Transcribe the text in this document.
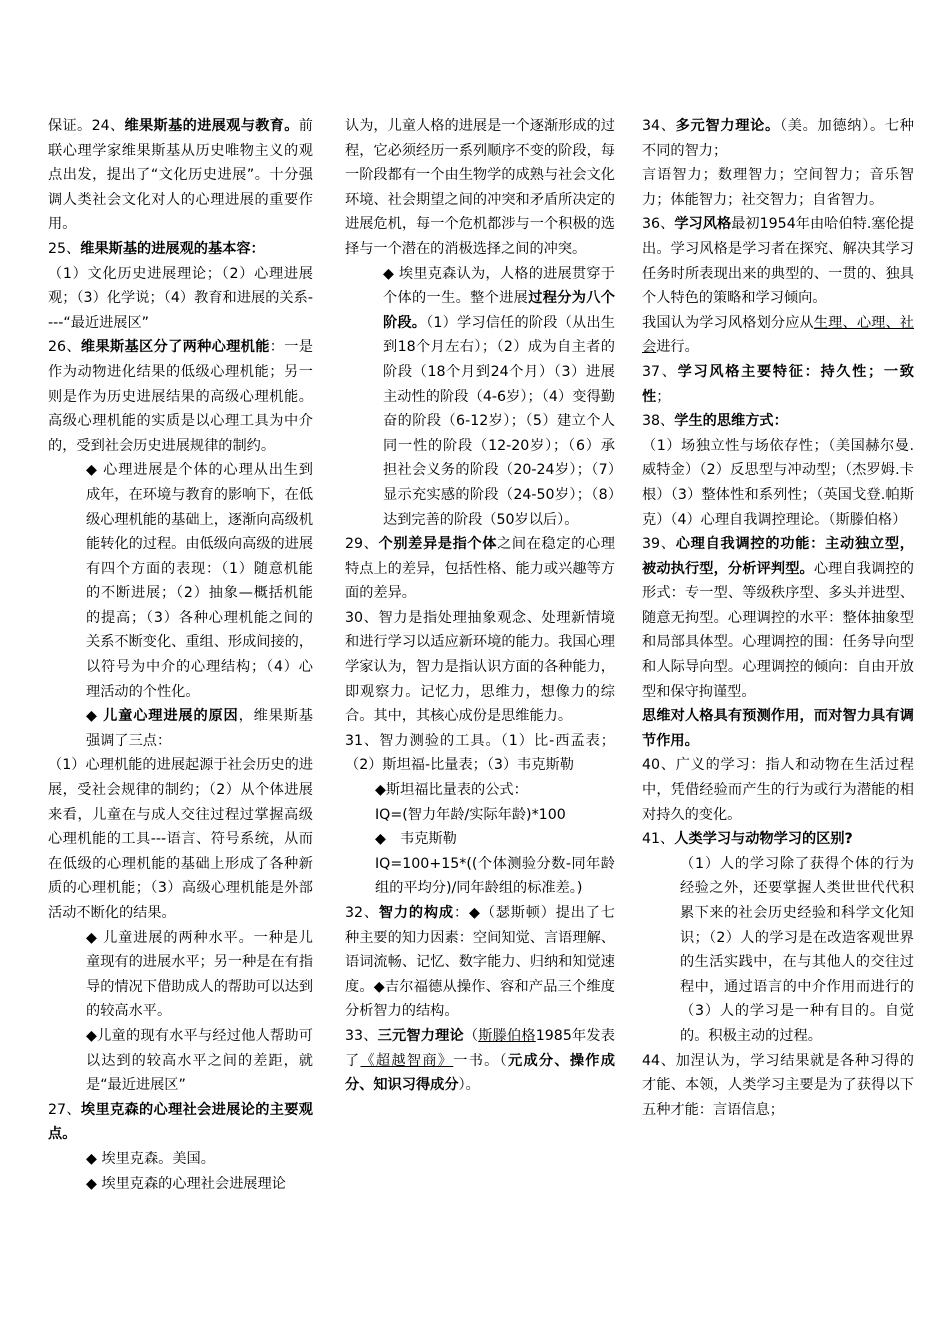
保证。24、维果斯基的进展观与教育。前联心理学家维果斯基从历史唯物主义的观点出发，提出了“文化历史进展”。十分强调人类社会文化对人的心理进展的重要作用。

25、维果斯基的进展观的基本容：

（1）文化历史进展理论；（2）心理进展观；（3）化学说；（4）教育和进展的关系----“最近进展区”

26、维果斯基区分了两种心理机能：一是作为动物进化结果的低级心理机能；另一则是作为历史进展结果的高级心理机能。高级心理机能的实质是以心理工具为中介的，受到社会历史进展规律的制约。

◆ 心理进展是个体的心理从出生到成年，在环境与教育的影响下，在低级心理机能的基础上，逐渐向高级机能转化的过程。由低级向高级的进展有四个方面的表现：（1）随意机能的不断进展；（2）抽象—概括机能的提高；（3）各种心理机能之间的关系不断变化、重组、形成间接的，以符号为中介的心理结构；（4）心理活动的个性化。

◆ 儿童心理进展的原因，维果斯基强调了三点：

（1）心理机能的进展起源于社会历史的进展，受社会规律的制约；（2）从个体进展来看，儿童在与成人交往过程过掌握高级心理机能的工具---语言、符号系统，从而在低级的心理机能的基础上形成了各种新质的心理机能；（3）高级心理机能是外部活动不断化的结果。

◆ 儿童进展的两种水平。一种是儿童现有的进展水平；另一种是在有指导的情况下借助成人的帮助可以达到的较高水平。

◆儿童的现有水平与经过他人帮助可以达到的较高水平之间的差距，就是“最近进展区”

27、埃里克森的心理社会进展论的主要观点。

◆ 埃里克森。美国。

◆ 埃里克森的心理社会进展理论

认为，儿童人格的进展是一个逐渐形成的过程，它必须经历一系列顺序不变的阶段，每一阶段都有一个由生物学的成熟与社会文化环境、社会期望之间的冲突和矛盾所决定的进展危机，每一个危机都涉与一个积极的选择与一个潜在的消极选择之间的冲突。

◆ 埃里克森认为，人格的进展贯穿于个体的一生。整个进展过程分为八个阶段。（1）学习信任的阶段（从出生到18个月左右）；（2）成为自主者的阶段（18个月到24个月）（3）进展主动性的阶段（4-6岁）；（4）变得勤奋的阶段（6-12岁）；（5）建立个人同一性的阶段（12-20岁）；（6）承担社会义务的阶段（20-24岁）；（7）显示充实感的阶段（24-50岁）；（8）达到完善的阶段（50岁以后）。

29、个别差异是指个体之间在稳定的心理特点上的差异，包括性格、能力或兴趣等方面的差异。

30、智力是指处理抽象观念、处理新情境和进行学习以适应新环境的能力。我国心理学家认为，智力是指认识方面的各种能力，即观察力。记忆力，思维力，想像力的综合。其中，其核心成份是思维能力。

31、智力测验的工具。（1）比-西孟表；（2）斯坦福-比量表；（3）韦克斯勒

◆斯坦福比量表的公式：

IQ=(智力年龄/实际年龄)*100

◆　韦克斯勒

IQ=100+15*((个体测验分数-同年龄组的平均分)/同年龄组的标准差。)

32、智力的构成：◆（瑟斯顿）提出了七种主要的知力因素：空间知觉、言语理解、语词流畅、记忆、数字能力、归纳和知觉速度。◆吉尔福德从操作、容和产品三个维度分析智力的结构。

33、三元智力理论（斯滕伯格1985年发表了《超越智商》一书。（元成分、操作成分、知识习得成分）。

34、多元智力理论。（美。加德纳）。七种不同的智力；

言语智力；数理智力；空间智力；音乐智力；体能智力；社交智力；自省智力。

36、学习风格最初1954年由哈伯特.塞伦提出。学习风格是学习者在探究、解决其学习任务时所表现出来的典型的、一贯的、独具个人特色的策略和学习倾向。

我国认为学习风格划分应从生理、心理、社会进行。

37、学习风格主要特征：持久性；一致性；

38、学生的思维方式：

（1）场独立性与场依存性；（美国赫尔曼.威特金）（2）反思型与冲动型；（杰罗姆.卡根）（3）整体性和系列性；（英国戈登.帕斯克）（4）心理自我调控理论。（斯滕伯格）

39、心理自我调控的功能：主动独立型，被动执行型，分析评判型。心理自我调控的形式：专一型、等级秩序型、多头并进型、随意无拘型。心理调控的水平：整体抽象型和局部具体型。心理调控的围：任务导向型和人际导向型。心理调控的倾向：自由开放型和保守拘谨型。

思维对人格具有预测作用，而对智力具有调节作用。

40、广义的学习：指人和动物在生活过程中，凭借经验而产生的行为或行为潜能的相对持久的变化。

41、人类学习与动物学习的区别?

（1）人的学习除了获得个体的行为经验之外，还要掌握人类世世代代积累下来的社会历史经验和科学文化知识；（2）人的学习是在改造客观世界的生活实践中，在与其他人的交往过程中，通过语言的中介作用而进行的（3）人的学习是一种有目的。自觉的。积极主动的过程。

44、加涅认为，学习结果就是各种习得的才能、本领，人类学习主要是为了获得以下五种才能：言语信息；
